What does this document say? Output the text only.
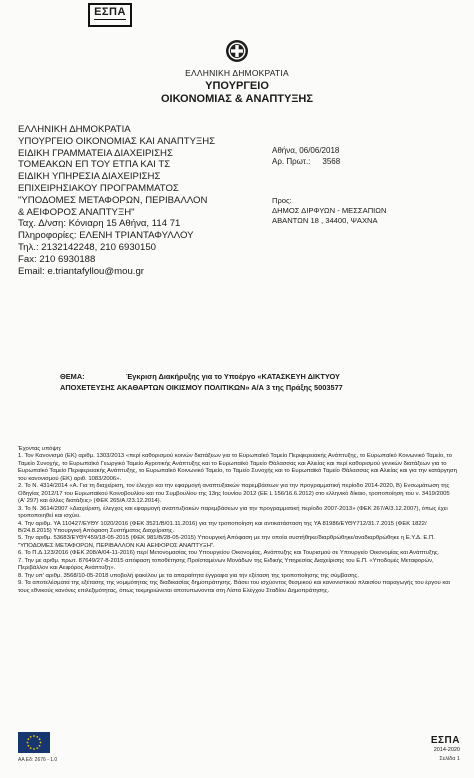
ΕΣΠΑ
ΕΛΛΗΝΙΚΗ ΔΗΜΟΚΡΑΤΙΑ
ΥΠΟΥΡΓΕΙΟ
ΟΙΚΟΝΟΜΙΑΣ & ΑΝΑΠΤΥΞΗΣ
ΕΛΛΗΝΙΚΗ ΔΗΜΟΚΡΑΤΙΑ
ΥΠΟΥΡΓΕΙΟ ΟΙΚΟΝΟΜΙΑΣ ΚΑΙ ΑΝΑΠΤΥΞΗΣ
ΕΙΔΙΚΗ ΓΡΑΜΜΑΤΕΙΑ ΔΙΑΧΕΙΡΙΣΗΣ
ΤΟΜΕΑΚΩΝ ΕΠ ΤΟΥ ΕΤΠΑ ΚΑΙ ΤΣ
ΕΙΔΙΚΗ ΥΠΗΡΕΣΙΑ ΔΙΑΧΕΙΡΙΣΗΣ
ΕΠΙΧΕΙΡΗΣΙΑΚΟΥ ΠΡΟΓΡΑΜΜΑΤΟΣ
"ΥΠΟΔΟΜΕΣ ΜΕΤΑΦΟΡΩΝ, ΠΕΡΙΒΑΛΛΟΝ
& ΑΕΙΦΟΡΟΣ ΑΝΑΠΤΥΞΗ"
Ταχ. Δ/νση: Κόνιαρη 15 Αθήνα, 114 71
Πληροφορίες: ΕΛΕΝΗ ΤΡΙΑΝΤΑΦΥΛΛΟΥ
Τηλ.: 2132142248, 210 6930150
Fax: 210 6930188
Email: e.triantafyllou@mou.gr
Αθήνα, 06/06/2018
Αρ. Πρωτ.: 3568
Προς:
ΔΗΜΟΣ ΔΙΡΦΥΩΝ - ΜΕΣΣΑΠΙΩΝ
ΑΒΑΝΤΩΝ 18 , 34400, ΨΑΧΝΑ
ΘΕΜΑ:	Έγκριση Διακήρυξης για το Υποέργο «ΚΑΤΑΣΚΕΥΗ ΔΙΚΤΥΟΥ
ΑΠΟΧΕΤΕΥΣΗΣ ΑΚΑΘΑΡΤΩΝ ΟΙΚΙΣΜΟΥ ΠΟΛΙΤΙΚΩΝ» Α/Α 3 της Πράξης 5003577

Έχοντας υπόψη:

1. Τον Κανονισμό (ΕΚ) αριθμ. 1303/2013 «περί καθορισμού κοινών διατάξεων για το Ευρωπαϊκό Ταμείο Περιφερειακής Ανάπτυξης, το Ευρωπαϊκό Κοινωνικό Ταμείο, το Ταμείο Συνοχής, το Ευρωπαϊκό Γεωργικό Ταμείο Αγροτικής Ανάπτυξης και το Ευρωπαϊκό Ταμείο Θάλασσας και Αλιείας και περί καθορισμού γενικών διατάξεων για το Ευρωπαϊκό Ταμείο Περιφερειακής Ανάπτυξης, το Ευρωπαϊκό Κοινωνικό Ταμείο, το Ταμείο Συνοχής και το Ευρωπαϊκό Ταμείο Θάλασσας και Αλιείας και για την κατάργηση του κανονισμού (ΕΚ) αριθ. 1083/2006».

2. Το Ν. 4314/2014 «Α. Για τη διαχείριση, τον έλεγχο και την εφαρμογή αναπτυξιακών παρεμβάσεων για την προγραμματική περίοδο 2014-2020, Β) Ενσωμάτωση της Οδηγίας 2012/17 του Ευρωπαϊκού Κοινοβουλίου και του Συμβουλίου της 13ης Ιουνίου 2012 (ΕΕ L 156/16.6.2012) στο ελληνικό δίκαιο, τροποποίηση του ν. 3419/2005 (Α' 297) και άλλες διατάξεις» (ΦΕΚ 265/Α /23.12.2014).

3. Το Ν. 3614/2007 «Διαχείριση, έλεγχος και εφαρμογή αναπτυξιακών παρεμβάσεων για την προγραμματική περίοδο 2007-2013» (ΦΕΚ 267/Α/3.12.2007), όπως έχει τροποποιηθεί και ισχύει.

4. Την αριθμ. ΥΑ 110427/ΕΥΘΥ 1020/2016 (ΦΕΚ 3521/Β/01.11.2016) για την τροποποίηση και αντικατάσταση της ΥΑ 81986/ΕΥΘΥ712/31.7.2015 (ΦΕΚ 1822/Β/24.8.2015) Υπουργική Απόφαση Συστήματος Διαχείρισης.

5. Την αριθμ. 53683/ΕΥΘΥ459/18-05-2015 (ΦΕΚ 981/Β/28-05-2015) Υπουργική Απόφαση με την οποία συστήθηκε/διαρθρώθηκε/αναδιαρθρώθηκε η Ε.Υ.Δ. Ε.Π. "ΥΠΟΔΟΜΕΣ ΜΕΤΑΦΟΡΩΝ, ΠΕΡΙΒΑΛΛΟΝ ΚΑΙ ΑΕΙΦΟΡΟΣ ΑΝΑΠΤΥΞΗ".

6. Το Π.Δ.123/2016 (ΦΕΚ 208/Α/04-11-2016) περί Μετονομασίας του Υπουργείου Οικονομίας, Ανάπτυξης και Τουρισμού σε Υπουργείο Οικονομίας και Ανάπτυξης.

7. Την με αριθμ. πρωτ. 87649/27-8-2015 απόφαση τοποθέτησης Προϊσταμένων Μονάδων της Ειδικής Υπηρεσίας Διαχείρισης του Ε.Π. «Υποδομές Μεταφορών, Περιβάλλον και Αειφόρος Ανάπτυξη».

8. Την υπ' αριθμ. 3568/10-05-2018 υποβολή φακέλου με τα απαραίτητα έγγραφα για την εξέταση της τροποποίησης της σύμβασης.

9. Τα αποτελέσματα της εξέτασης της νομιμότητας της διαδικασίας δημοπράτησης. Βάσει του ισχύοντος θεσμικού και κανονιστικού πλαισίου παραγωγής του έργου και τους εθνικούς κανόνες επιλεξιμότητας, όπως τεκμηριώνεται αποτυπωνονται στη Λίστα Ελέγχου Σταδίου Δημοπράτησης.

ΑΑ Εδ: 2676 - 1.0
ΕΣΠΑ
2014-2020
Σελίδα 1
